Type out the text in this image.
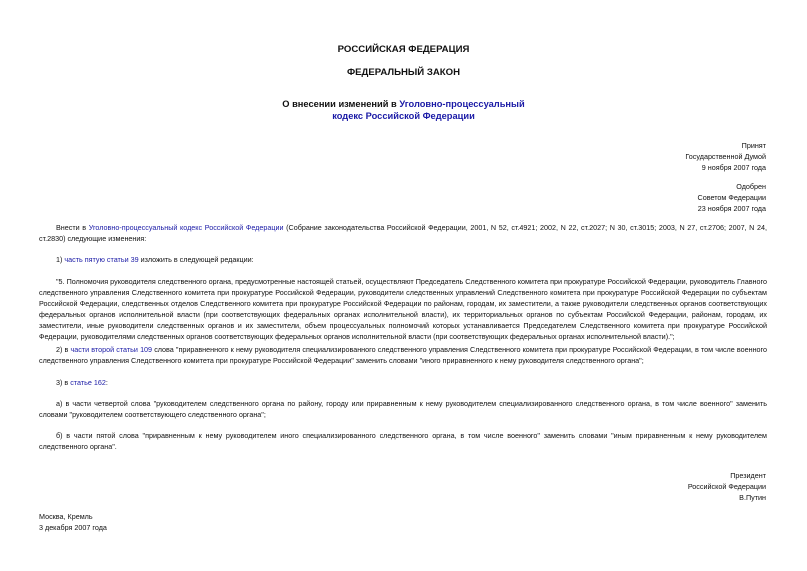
РОССИЙСКАЯ ФЕДЕРАЦИЯ
ФЕДЕРАЛЬНЫЙ ЗАКОН
О внесении изменений в Уголовно-процессуальный
кодекс Российской Федерации
Принят
Государственной Думой
9 ноября 2007 года
Одобрен
Советом Федерации
23 ноября 2007 года

Внести в Уголовно-процессуальный кодекс Российской Федерации (Собрание законодательства Российской Федерации, 2001, N 52, ст.4921; 2002, N 22, ст.2027; N 30, ст.3015; 2003, N 27, ст.2706; 2007, N 24, ст.2830) следующие изменения:

1) часть пятую статьи 39 изложить в следующей редакции:

"5. Полномочия руководителя следственного органа, предусмотренные настоящей статьей, осуществляют Председатель Следственного комитета при прокуратуре Российской Федерации, руководитель Главного следственного управления Следственного комитета при прокуратуре Российской Федерации, руководители следственных управлений Следственного комитета при прокуратуре Российской Федерации по субъектам Российской Федерации, следственных отделов Следственного комитета при прокуратуре Российской Федерации по районам, городам, их заместители, а также руководители следственных органов соответствующих федеральных органов исполнительной власти (при соответствующих федеральных органах исполнительной власти), их территориальных органов по субъектам Российской Федерации, районам, городам, их заместители, иные руководители следственных органов и их заместители, объем процессуальных полномочий которых устанавливается Председателем Следственного комитета при прокуратуре Российской Федерации, руководителями следственных органов соответствующих федеральных органов исполнительной власти (при соответствующих федеральных органах исполнительной власти).";

2) в части второй статьи 109 слова "приравненного к нему руководителя специализированного следственного управления Следственного комитета при прокуратуре Российской Федерации, в том числе военного следственного управления Следственного комитета при прокуратуре Российской Федерации" заменить словами "иного приравненного к нему руководителя следственного органа";

3) в статье 162:

а) в части четвертой слова "руководителем следственного органа по району, городу или приравненным к нему руководителем специализированного следственного органа, в том числе военного" заменить словами "руководителем соответствующего следственного органа";

б) в части пятой слова "приравненным к нему руководителем иного специализированного следственного органа, в том числе военного" заменить словами "иным приравненным к нему руководителем следственного органа".

Президент
Российской Федерации
В.Путин
Москва, Кремль
3 декабря 2007 года
